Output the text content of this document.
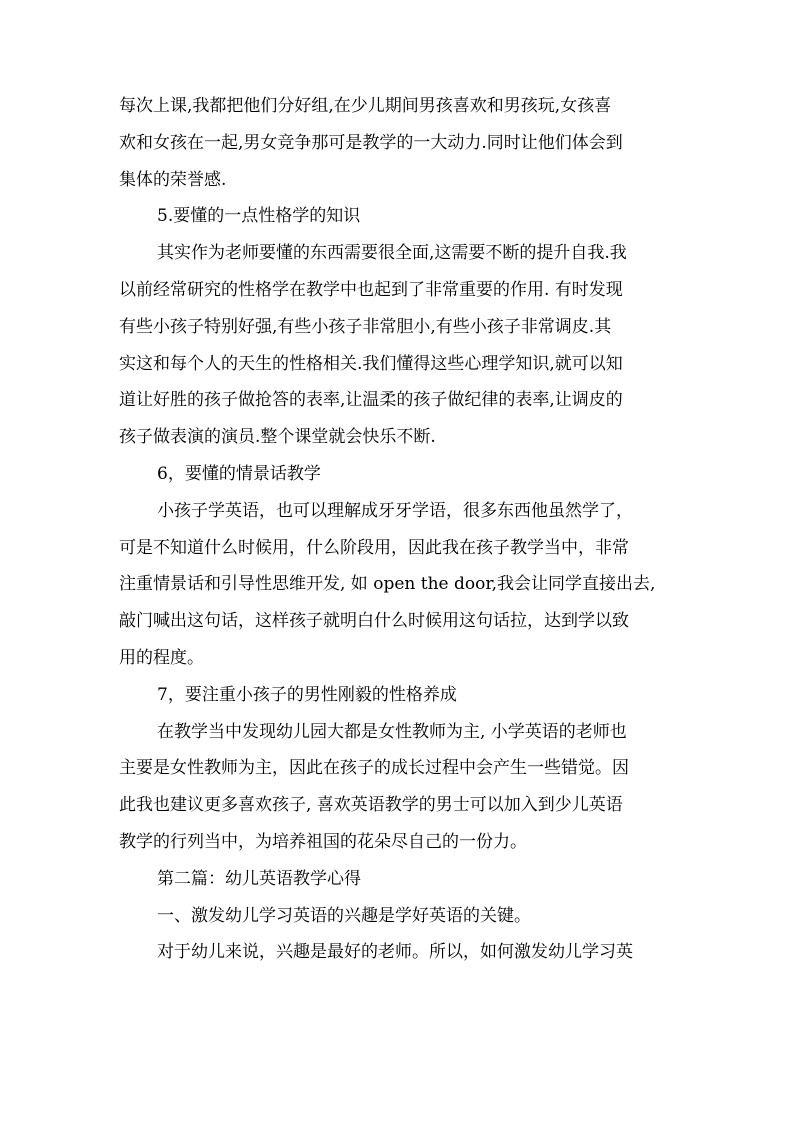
每次上课,我都把他们分好组,在少儿期间男孩喜欢和男孩玩,女孩喜
欢和女孩在一起,男女竞争那可是教学的一大动力.同时让他们体会到
集体的荣誉感.
5.要懂的一点性格学的知识
其实作为老师要懂的东西需要很全面,这需要不断的提升自我.我
以前经常研究的性格学在教学中也起到了非常重要的作用. 有时发现
有些小孩子特别好强,有些小孩子非常胆小,有些小孩子非常调皮.其
实这和每个人的天生的性格相关.我们懂得这些心理学知识,就可以知
道让好胜的孩子做抢答的表率,让温柔的孩子做纪律的表率,让调皮的
孩子做表演的演员.整个课堂就会快乐不断.
6，要懂的情景话教学
小孩子学英语，也可以理解成牙牙学语，很多东西他虽然学了，
可是不知道什么时候用，什么阶段用，因此我在孩子教学当中，非常
注重情景话和引导性思维开发, 如 open the door,我会让同学直接出去,
敲门喊出这句话，这样孩子就明白什么时候用这句话拉，达到学以致
用的程度。
7，要注重小孩子的男性刚毅的性格养成
在教学当中发现幼儿园大都是女性教师为主, 小学英语的老师也
主要是女性教师为主，因此在孩子的成长过程中会产生一些错觉。因
此我也建议更多喜欢孩子, 喜欢英语教学的男士可以加入到少儿英语
教学的行列当中，为培养祖国的花朵尽自己的一份力。
第二篇：幼儿英语教学心得
一、激发幼儿学习英语的兴趣是学好英语的关键。
对于幼儿来说，兴趣是最好的老师。所以，如何激发幼儿学习英
